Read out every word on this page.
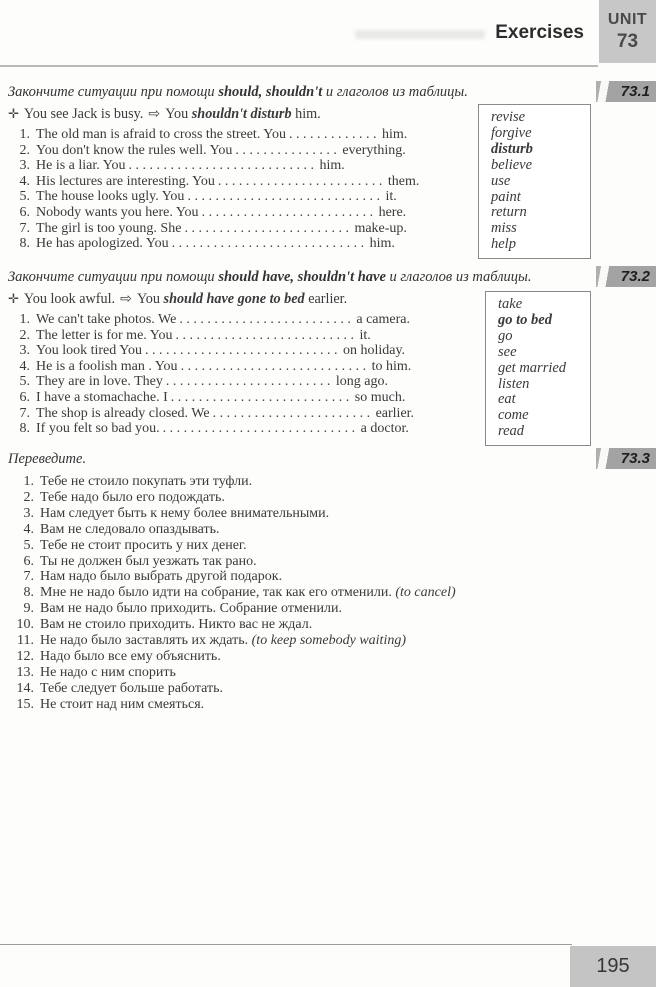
Exercises
UNIT
73
73.1
Закончите ситуации при помощи should, shouldn't и глаголов из таблицы.
✛ You see Jack is busy. ⇨ You shouldn't disturb him.
1. The old man is afraid to cross the street. You ............. him.
2. You don't know the rules well. You ............... everything.
3. He is a liar. You ........................... him.
4. His lectures are interesting. You ........................ them.
5. The house looks ugly. You ............................ it.
6. Nobody wants you here. You ......................... here.
7. The girl is too young. She ........................ make-up.
8. He has apologized. You ............................ him.
revise
forgive
disturb
believe
use
paint
return
miss
help
73.2
Закончите ситуации при помощи should have, shouldn't have и глаголов из таблицы.
✛ You look awful. ⇨ You should have gone to bed earlier.
1. We can't take photos. We ......................... a camera.
2. The letter is for me. You .......................... it.
3. You look tired You ............................ on holiday.
4. He is a foolish man . You ........................... to him.
5. They are in love. They ........................ long ago.
6. I have a stomachache. I .......................... so much.
7. The shop is already closed. We ....................... earlier.
8. If you felt so bad you. ............................ a doctor.
take
go to bed
go
see
get married
listen
eat
come
read
73.3
Переведите.
1. Тебе не стоило покупать эти туфли.
2. Тебе надо было его подождать.
3. Нам следует быть к нему более внимательными.
4. Вам не следовало опаздывать.
5. Тебе не стоит просить у них денег.
6. Ты не должен был уезжать так рано.
7. Нам надо было выбрать другой подарок.
8. Мне не надо было идти на собрание, так как его отменили. (to cancel)
9. Вам не надо было приходить. Собрание отменили.
10. Вам не стоило приходить. Никто вас не ждал.
11. Не надо было заставлять их ждать. (to keep somebody waiting)
12. Надо было все ему объяснить.
13. Не надо с ним спорить
14. Тебе следует больше работать.
15. Не стоит над ним смеяться.
195
